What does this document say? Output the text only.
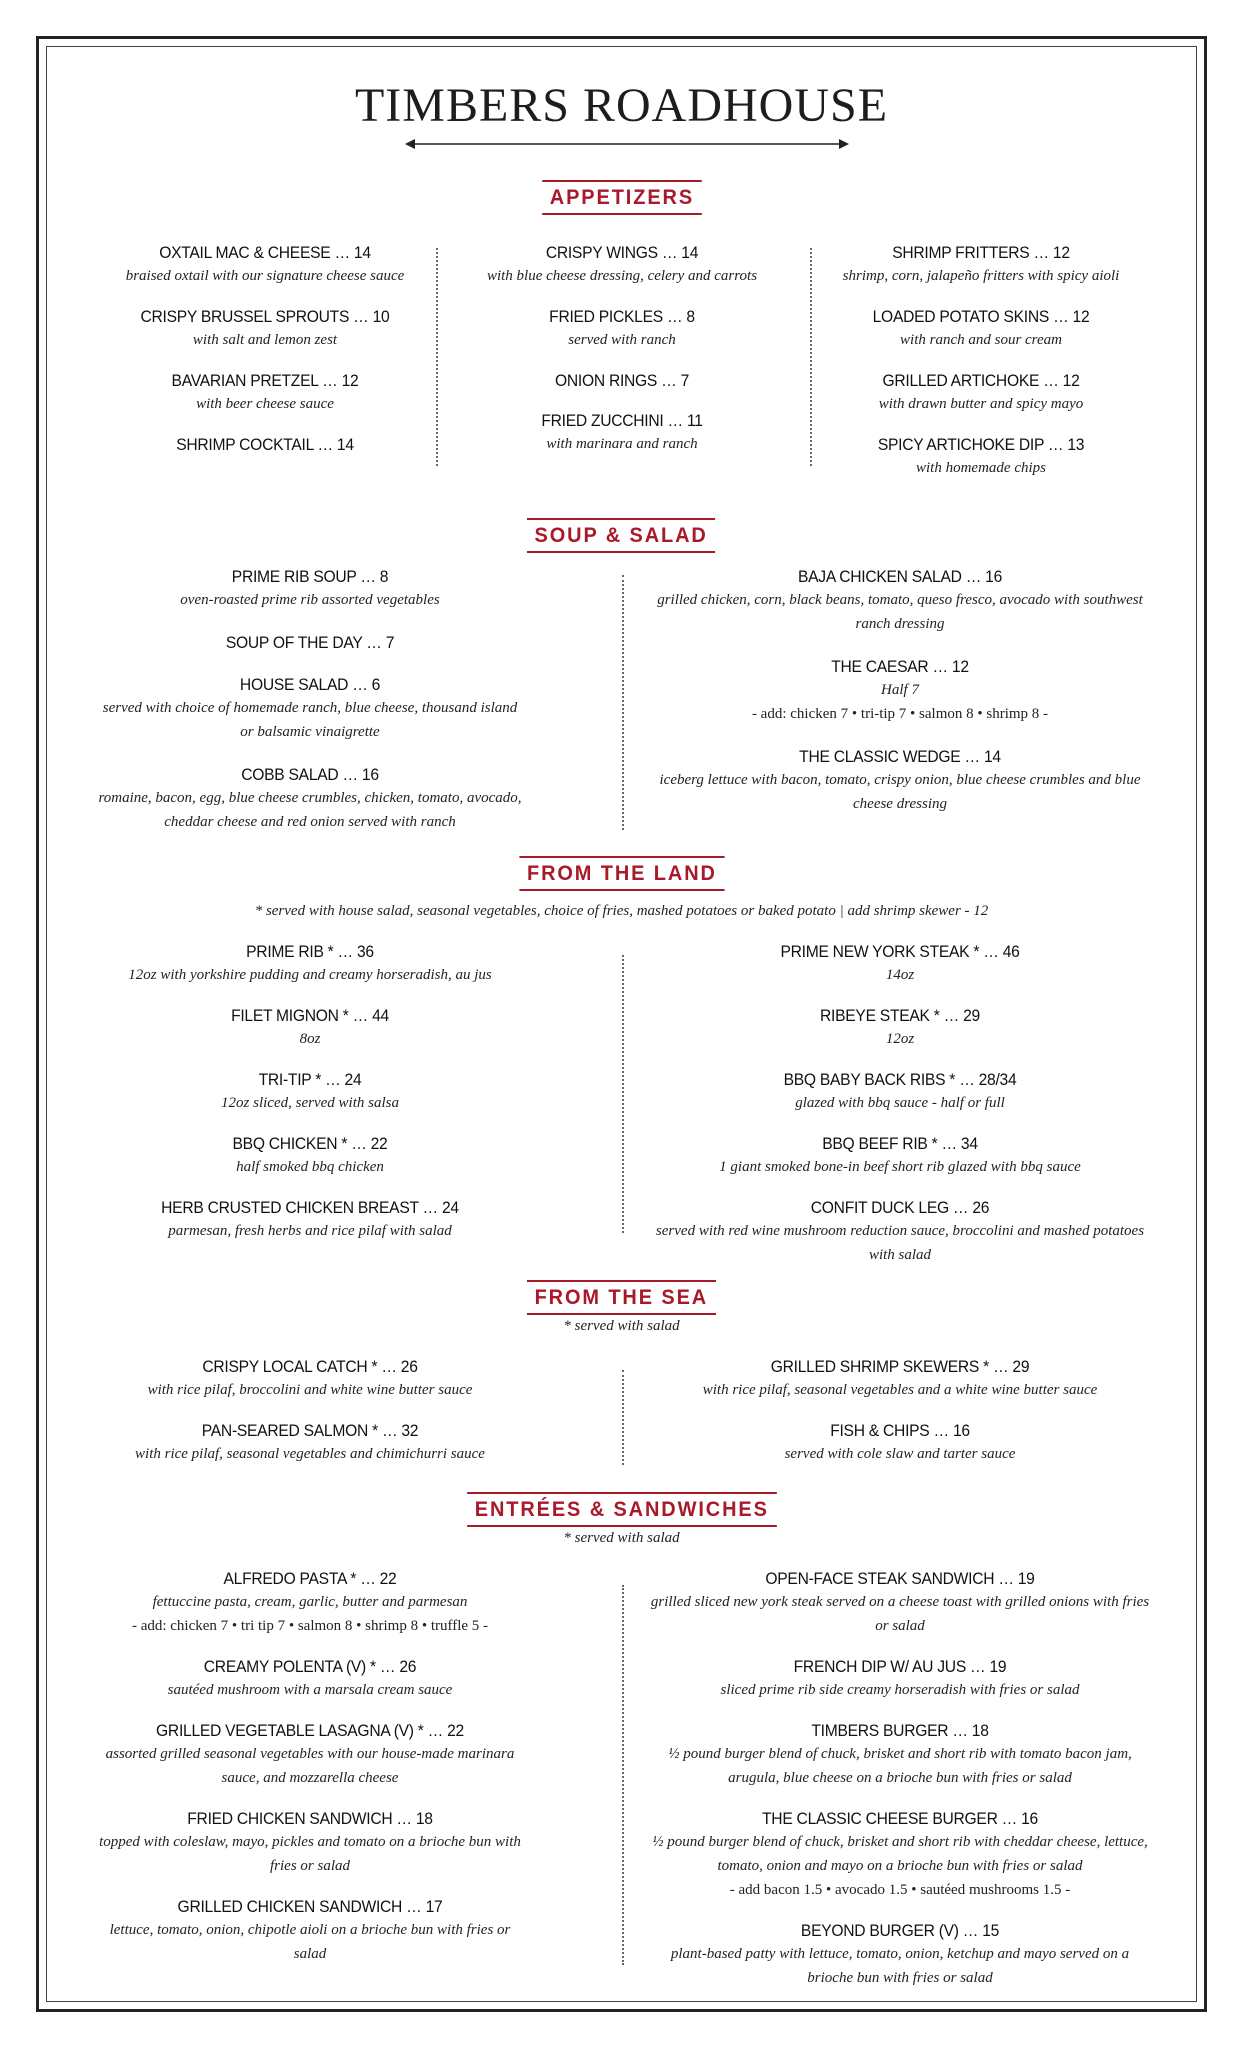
TIMBERS ROADHOUSE
APPETIZERS
OXTAIL MAC & CHEESE … 14
braised oxtail with our signature cheese sauce
CRISPY BRUSSEL SPROUTS … 10
with salt and lemon zest
BAVARIAN PRETZEL … 12
with beer cheese sauce
SHRIMP COCKTAIL … 14
CRISPY WINGS … 14
with blue cheese dressing, celery and carrots
FRIED PICKLES … 8
served with ranch
ONION RINGS … 7
FRIED ZUCCHINI … 11
with marinara and ranch
SHRIMP FRITTERS … 12
shrimp, corn, jalapeño fritters with spicy aioli
LOADED POTATO SKINS … 12
with ranch and sour cream
GRILLED ARTICHOKE … 12
with drawn butter and spicy mayo
SPICY ARTICHOKE DIP … 13
with homemade chips
SOUP & SALAD
PRIME RIB SOUP … 8
oven-roasted prime rib assorted vegetables
SOUP OF THE DAY … 7
HOUSE SALAD … 6
served with choice of homemade ranch, blue cheese, thousand island or balsamic vinaigrette
COBB SALAD … 16
romaine, bacon, egg, blue cheese crumbles, chicken, tomato, avocado, cheddar cheese and red onion served with ranch
BAJA CHICKEN SALAD … 16
grilled chicken, corn, black beans, tomato, queso fresco, avocado with southwest ranch dressing
THE CAESAR … 12
Half 7
- add: chicken 7 • tri-tip 7 • salmon 8 • shrimp 8 -
THE CLASSIC WEDGE … 14
iceberg lettuce with bacon, tomato, crispy onion, blue cheese crumbles and blue cheese dressing
FROM THE LAND
* served with house salad, seasonal vegetables, choice of fries, mashed potatoes or baked potato | add shrimp skewer - 12
PRIME RIB * … 36
12oz with yorkshire pudding and creamy horseradish, au jus
FILET MIGNON * … 44
8oz
TRI-TIP * … 24
12oz sliced, served with salsa
BBQ CHICKEN * … 22
half smoked bbq chicken
HERB CRUSTED CHICKEN BREAST … 24
parmesan, fresh herbs and rice pilaf with salad
PRIME NEW YORK STEAK * … 46
14oz
RIBEYE STEAK * … 29
12oz
BBQ BABY BACK RIBS * … 28/34
glazed with bbq sauce - half or full
BBQ BEEF RIB * … 34
1 giant smoked bone-in beef short rib glazed with bbq sauce
CONFIT DUCK LEG … 26
served with red wine mushroom reduction sauce, broccolini and mashed potatoes with salad
FROM THE SEA
* served with salad
CRISPY LOCAL CATCH * … 26
with rice pilaf, broccolini and white wine butter sauce
PAN-SEARED SALMON * … 32
with rice pilaf, seasonal vegetables and chimichurri sauce
GRILLED SHRIMP SKEWERS * … 29
with rice pilaf, seasonal vegetables and a white wine butter sauce
FISH & CHIPS … 16
served with cole slaw and tarter sauce
ENTRÉES & SANDWICHES
* served with salad
ALFREDO PASTA * … 22
fettuccine pasta, cream, garlic, butter and parmesan
- add: chicken 7 • tri tip 7 • salmon 8 • shrimp 8 • truffle 5 -
CREAMY POLENTA (V) * … 26
sautéed mushroom with a marsala cream sauce
GRILLED VEGETABLE LASAGNA (V) * … 22
assorted grilled seasonal vegetables with our house-made marinara sauce, and mozzarella cheese
FRIED CHICKEN SANDWICH … 18
topped with coleslaw, mayo, pickles and tomato on a brioche bun with fries or salad
GRILLED CHICKEN SANDWICH … 17
lettuce, tomato, onion, chipotle aioli on a brioche bun with fries or salad
OPEN-FACE STEAK SANDWICH … 19
grilled sliced new york steak served on a cheese toast with grilled onions with fries or salad
FRENCH DIP W/ AU JUS … 19
sliced prime rib side creamy horseradish with fries or salad
TIMBERS BURGER … 18
½ pound burger blend of chuck, brisket and short rib with tomato bacon jam, arugula, blue cheese on a brioche bun with fries or salad
THE CLASSIC CHEESE BURGER … 16
½ pound burger blend of chuck, brisket and short rib with cheddar cheese, lettuce, tomato, onion and mayo on a brioche bun with fries or salad
- add bacon 1.5 • avocado 1.5 • sautéed mushrooms 1.5 -
BEYOND BURGER (V) … 15
plant-based patty with lettuce, tomato, onion, ketchup and mayo served on a brioche bun with fries or salad
